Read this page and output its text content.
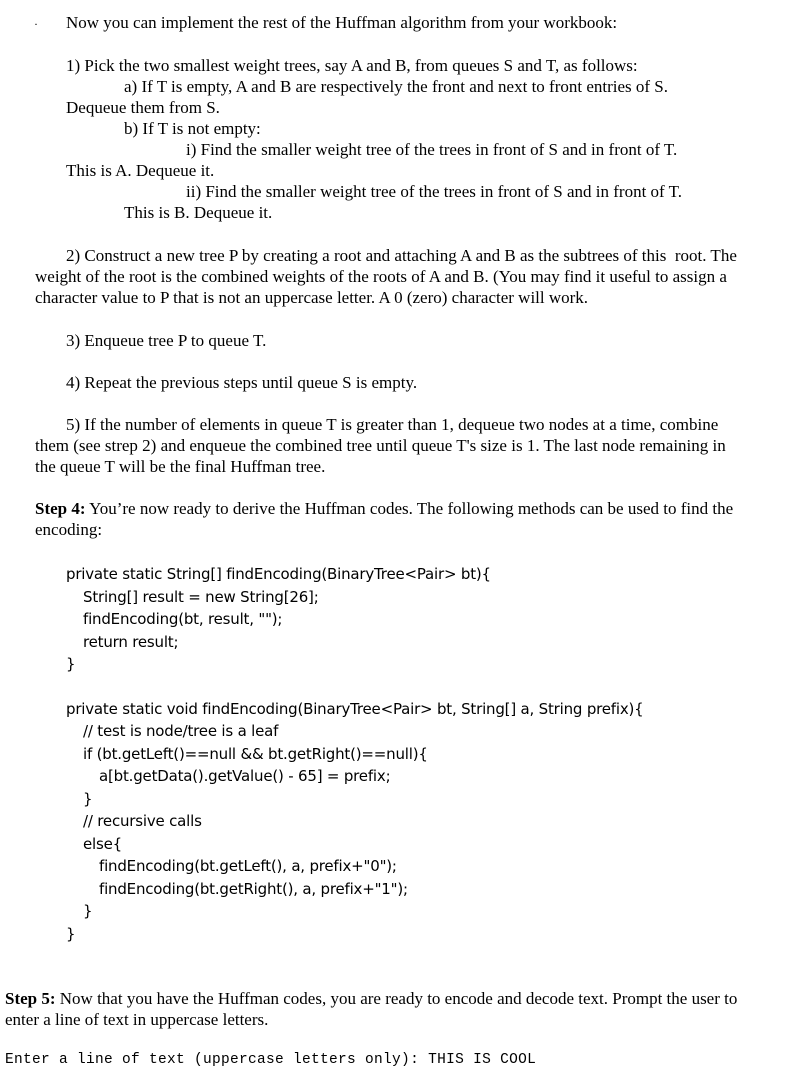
· Now you can implement the rest of the Huffman algorithm from your workbook:
1) Pick the two smallest weight trees, say A and B, from queues S and T, as follows:
a) If T is empty, A and B are respectively the front and next to front entries of S.
Dequeue them from S.
b) If T is not empty:
i) Find the smaller weight tree of the trees in front of S and in front of T.
This is A. Dequeue it.
ii) Find the smaller weight tree of the trees in front of S and in front of T.
This is B. Dequeue it.
2) Construct a new tree P by creating a root and attaching A and B as the subtrees of this  root. The
weight of the root is the combined weights of the roots of A and B. (You may find it useful to assign a
character value to P that is not an uppercase letter. A 0 (zero) character will work.
3) Enqueue tree P to queue T.
4) Repeat the previous steps until queue S is empty.
5) If the number of elements in queue T is greater than 1, dequeue two nodes at a time, combine
them (see strep 2) and enqueue the combined tree until queue T's size is 1. The last node remaining in
the queue T will be the final Huffman tree.
Step 4: You’re now ready to derive the Huffman codes. The following methods can be used to find the
encoding:
private static String[] findEncoding(BinaryTree<Pair> bt){
String[] result = new String[26];
findEncoding(bt, result, "");
return result;
}
private static void findEncoding(BinaryTree<Pair> bt, String[] a, String prefix){
// test is node/tree is a leaf
if (bt.getLeft()==null && bt.getRight()==null){
a[bt.getData().getValue() - 65] = prefix;
}
// recursive calls
else{
findEncoding(bt.getLeft(), a, prefix+"0");
findEncoding(bt.getRight(), a, prefix+"1");
}
}
Step 5: Now that you have the Huffman codes, you are ready to encode and decode text. Prompt the user to
enter a line of text in uppercase letters.
Enter a line of text (uppercase letters only): THIS IS COOL
